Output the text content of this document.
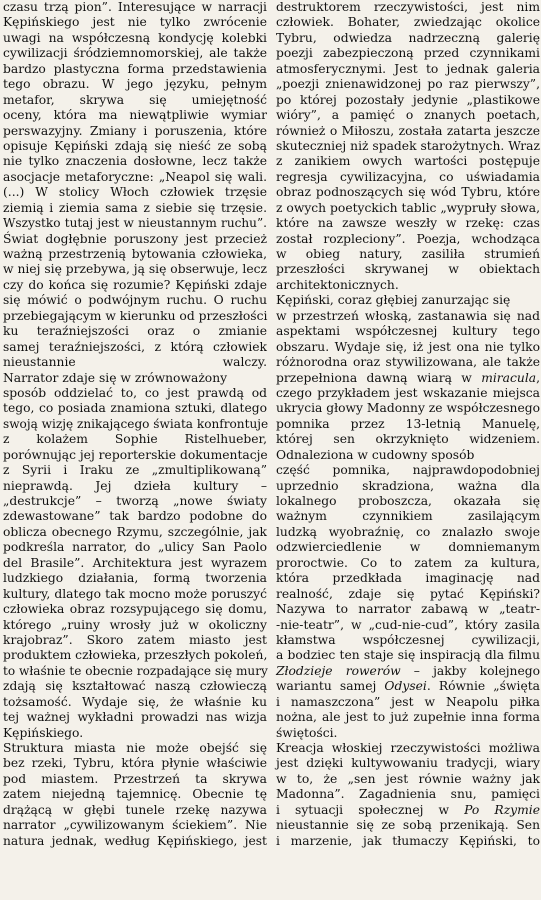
czasu trzą pion”. Interesujące w narracji
Kępińskiego jest nie tylko zwrócenie
uwagi na współczesną kondycję kolebki
cywilizacji śródziemnomorskiej, ale także
bardzo plastyczna forma przedstawienia
tego obrazu. W jego języku, pełnym
metafor, skrywa się umiejętność
oceny, która ma niewątpliwie wymiar
perswazyjny. Zmiany i poruszenia, które
opisuje Kępiński zdają się nieść ze sobą
nie tylko znaczenia dosłowne, lecz także
asocjacje metaforyczne: „Neapol się wali.
(...) W stolicy Włoch człowiek trzęsie
ziemią i ziemia sama z siebie się trzęsie.
Wszystko tutaj jest w nieustannym ruchu”.
Świat dogłębnie poruszony jest przecież
ważną przestrzenią bytowania człowieka,
w niej się przebywa, ją się obserwuje, lecz
czy do końca się rozumie? Kępiński zdaje
się mówić o podwójnym ruchu. O ruchu
przebiegającym w kierunku od przeszłości
ku teraźniejszości oraz o zmianie
samej teraźniejszości, z którą człowiek
nieustannie walczy.
Narrator zdaje się w zrównoważony
sposób oddzielać to, co jest prawdą od
tego, co posiada znamiona sztuki, dlatego
swoją wizję znikającego świata konfrontuje
z kolażem Sophie Ristelhueber,
porównując jej reporterskie dokumentacje
z Syrii i Iraku ze „zmultiplikowaną”
nieprawdą. Jej dzieła kultury –
„destrukcje” – tworzą „nowe światy
zdewastowane” tak bardzo podobne do
oblicza obecnego Rzymu, szczególnie, jak
podkreśla narrator, do „ulicy San Paolo
del Brasile”. Architektura jest wyrazem
ludzkiego działania, formą tworzenia
kultury, dlatego tak mocno może poruszyć
człowieka obraz rozsypującego się domu,
którego „ruiny wrosły już w okoliczny
krajobraz”. Skoro zatem miasto jest
produktem człowieka, przeszłych pokoleń,
to właśnie te obecnie rozpadające się mury
zdają się kształtować naszą człowieczą
tożsamość. Wydaje się, że właśnie ku
tej ważnej wykładni prowadzi nas wizja
Kępińskiego.
Struktura miasta nie może obejść się
bez rzeki, Tybru, która płynie właściwie
pod miastem. Przestrzeń ta skrywa
zatem niejedną tajemnicę. Obecnie tę
drążącą w głębi tunele rzekę nazywa
narrator „cywilizowanym ściekiem”. Nie
natura jednak, według Kępińskiego, jest
destruktorem rzeczywistości, jest nim
człowiek. Bohater, zwiedzając okolice
Tybru, odwiedza nadrzeczną galerię
poezji zabezpieczoną przed czynnikami
atmosferycznymi. Jest to jednak galeria
„poezji znienawidzonej po raz pierwszy”,
po której pozostały jedynie „plastikowe
wióry”, a pamięć o znanych poetach,
również o Miłoszu, została zatarta jeszcze
skuteczniej niż spadek starożytnych. Wraz
z zanikiem owych wartości postępuje
regresja cywilizacyjna, co uświadamia
obraz podnoszących się wód Tybru, które
z owych poetyckich tablic „wypruły słowa,
które na zawsze weszły w rzekę: czas
został rozpleciony”. Poezja, wchodząca
w obieg natury, zasiliła strumień
przeszłości skrywanej w obiektach
architektonicznych.
Kępiński, coraz głębiej zanurzając się
w przestrzeń włoską, zastanawia się nad
aspektami współczesnej kultury tego
obszaru. Wydaje się, iż jest ona nie tylko
różnorodna oraz stywilizowana, ale także
przepełniona dawną wiarą w miracula,
czego przykładem jest wskazanie miejsca
ukrycia głowy Madonny ze współczesnego
pomnika przez 13-letnią Manuelę,
której sen okrzyknięto widzeniem.
Odnaleziona w cudowny sposób
część pomnika, najprawdopodobniej
uprzednio skradziona, ważna dla
lokalnego proboszcza, okazała się
ważnym czynnikiem zasilającym
ludzką wyobraźnię, co znalazło swoje
odzwierciedlenie w domniemanym
proroctwie. Co to zatem za kultura,
która przedkłada imaginację nad
realność, zdaje się pytać Kępiński?
Nazywa to narrator zabawą w „teatr-
-nie-teatr”, w „cud-nie-cud”, który zasila
kłamstwa współczesnej cywilizacji,
a bodziec ten staje się inspiracją dla filmu
Złodzieje rowerów – jakby kolejnego
wariantu samej Odysei. Równie „święta
i namaszczona” jest w Neapolu piłka
nożna, ale jest to już zupełnie inna forma
świętości.
Kreacja włoskiej rzeczywistości możliwa
jest dzięki kultywowaniu tradycji, wiary
w to, że „sen jest równie ważny jak
Madonna”. Zagadnienia snu, pamięci
i sytuacji społecznej w Po Rzymie
nieustannie się ze sobą przenikają. Sen
i marzenie, jak tłumaczy Kępiński, to
